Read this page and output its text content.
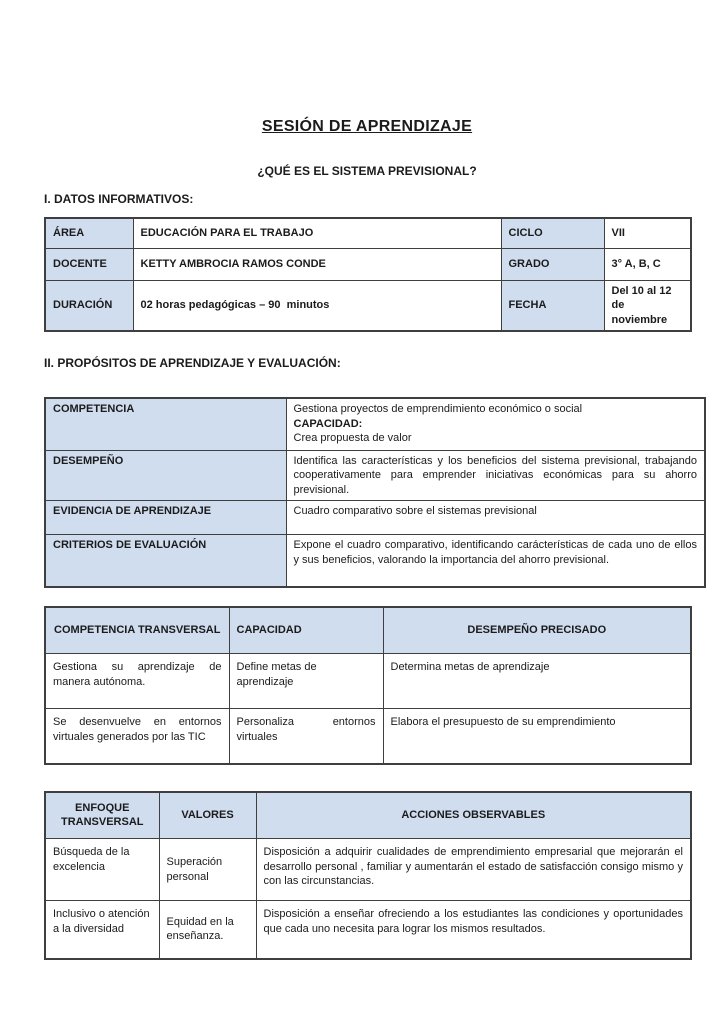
SESIÓN DE APRENDIZAJE
¿QUÉ ES EL SISTEMA PREVISIONAL?
I. DATOS INFORMATIVOS:
ÁREA	EDUCACIÓN PARA EL TRABAJO	CICLO	VII
DOCENTE	KETTY AMBROCIA RAMOS CONDE	GRADO	3° A, B, C
DURACIÓN	02 horas pedagógicas – 90  minutos	FECHA	Del 10 al 12 de noviembre
II. PROPÓSITOS DE APRENDIZAJE Y EVALUACIÓN:
COMPETENCIA	Gestiona proyectos de emprendimiento económico o social
CAPACIDAD:
Crea propuesta de valor

DESEMPEÑO	Identifica las características y los beneficios del sistema previsional, trabajando cooperativamente para emprender iniciativas económicas para su ahorro previsional.
EVIDENCIA DE APRENDIZAJE	Cuadro comparativo sobre el sistemas previsional
CRITERIOS DE EVALUACIÓN	Expone el cuadro comparativo, identificando carácterísticas de cada uno de ellos y sus beneficios, valorando la importancia del ahorro previsional.
COMPETENCIA TRANSVERSAL	CAPACIDAD	DESEMPEÑO PRECISADO
Gestiona su aprendizaje de manera autónoma.	Define metas de aprendizaje	Determina metas de aprendizaje
Se desenvuelve en entornos virtuales generados por las TIC	Personaliza entornos virtuales	Elabora el presupuesto de su emprendimiento
ENFOQUE TRANSVERSAL	VALORES	ACCIONES OBSERVABLES
Búsqueda de la excelencia	Superación personal	Disposición a adquirir cualidades de emprendimiento empresarial que mejorarán el desarrollo personal , familiar y aumentarán el estado de satisfacción consigo mismo y con las circunstancias.
Inclusivo o atención a la diversidad	Equidad en la enseñanza.	Disposición a enseñar ofreciendo a los estudiantes las condiciones y oportunidades que cada uno necesita para lograr los mismos resultados.
